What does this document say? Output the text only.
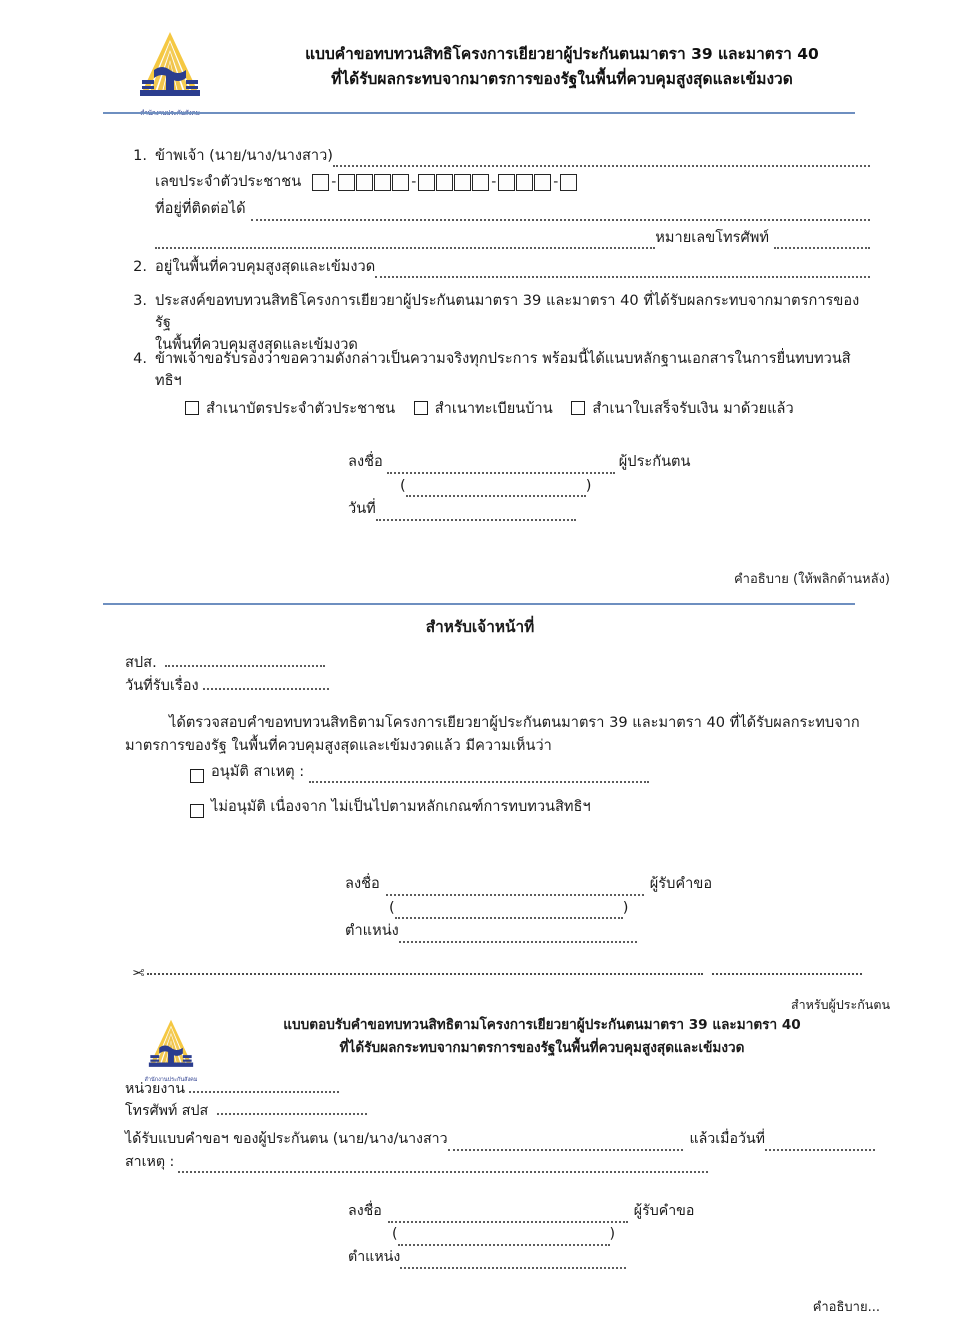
แบบคำขอทบทวนสิทธิโครงการเยียวยาผู้ประกันตนมาตรา 39 และมาตรา 40
ที่ได้รับผลกระทบจากมาตรการของรัฐในพื้นที่ควบคุมสูงสุดและเข้มงวด
1. ข้าพเจ้า (นาย/นาง/นางสาว)
เลขประจำตัวประชาชน -	-	-	-
ที่อยู่ที่ติดต่อได้
หมายเลขโทรศัพท์
2. อยู่ในพื้นที่ควบคุมสูงสุดและเข้มงวด
3. ประสงค์ขอทบทวนสิทธิโครงการเยียวยาผู้ประกันตนมาตรา 39 และมาตรา 40 ที่ได้รับผลกระทบจากมาตรการของรัฐ
ในพื้นที่ควบคุมสูงสุดและเข้มงวด
4. ข้าพเจ้าขอรับรองว่าขอความดังกล่าวเป็นความจริงทุกประการ พร้อมนี้ได้แนบหลักฐานเอกสารในการยื่นทบทวนสิทธิฯ
สำเนาบัตรประจำตัวประชาชน	สำเนาทะเบียนบ้าน	สำเนาใบเสร็จรับเงิน มาด้วยแล้ว
ลงชื่อ	ผู้ประกันตน
(	)
วันที่
คำอธิบาย (ให้พลิกด้านหลัง)
สำหรับเจ้าหน้าที่
สปส.
วันที่รับเรื่อง
ได้ตรวจสอบคำขอทบทวนสิทธิตามโครงการเยียวยาผู้ประกันตนมาตรา 39 และมาตรา 40 ที่ได้รับผลกระทบจาก
มาตรการของรัฐ ในพื้นที่ควบคุมสูงสุดและเข้มงวดแล้ว มีความเห็นว่า
อนุมัติ สาเหตุ :
ไม่อนุมัติ เนื่องจาก ไม่เป็นไปตามหลักเกณฑ์การทบทวนสิทธิฯ
ลงชื่อ	ผู้รับคำขอ
(	)
ตำแหน่ง
✂
สำหรับผู้ประกันตน
สำนักงานประกันสังคม
แบบตอบรับคำขอทบทวนสิทธิตามโครงการเยียวยาผู้ประกันตนมาตรา 39 และมาตรา 40
ที่ได้รับผลกระทบจากมาตรการของรัฐในพื้นที่ควบคุมสูงสุดและเข้มงวด
หน่วยงาน
โทรศัพท์ สปส
ได้รับแบบคำขอฯ ของผู้ประกันตน (นาย/นาง/นางสาว	แล้วเมื่อวันที่
สาเหตุ :
ลงชื่อ	ผู้รับคำขอ
(	)
ตำแหน่ง
คำอธิบาย...
